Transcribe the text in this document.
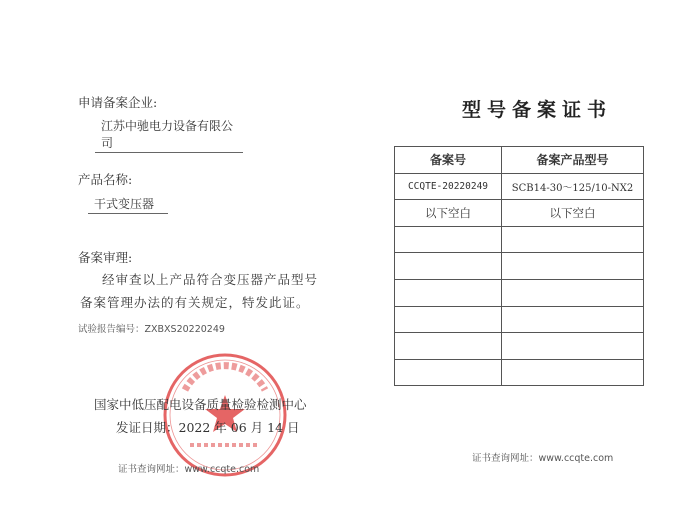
申请备案企业:
江苏中驰电力设备有限公司
产品名称:
干式变压器
备案审理:
经审查以上产品符合变压器产品型号
备案管理办法的有关规定，特发此证。
试验报告编号：ZXBXS20220249
国家中低压配电设备质量检验检测中心
发证日期：2022 年 06 月 14 日
证书查询网址：www.ccqte.com
型号备案证书
备案号	备案产品型号
CCQTE-20220249	SCB14-30～125/10-NX2
以下空白	以下空白

证书查询网址：www.ccqte.com
